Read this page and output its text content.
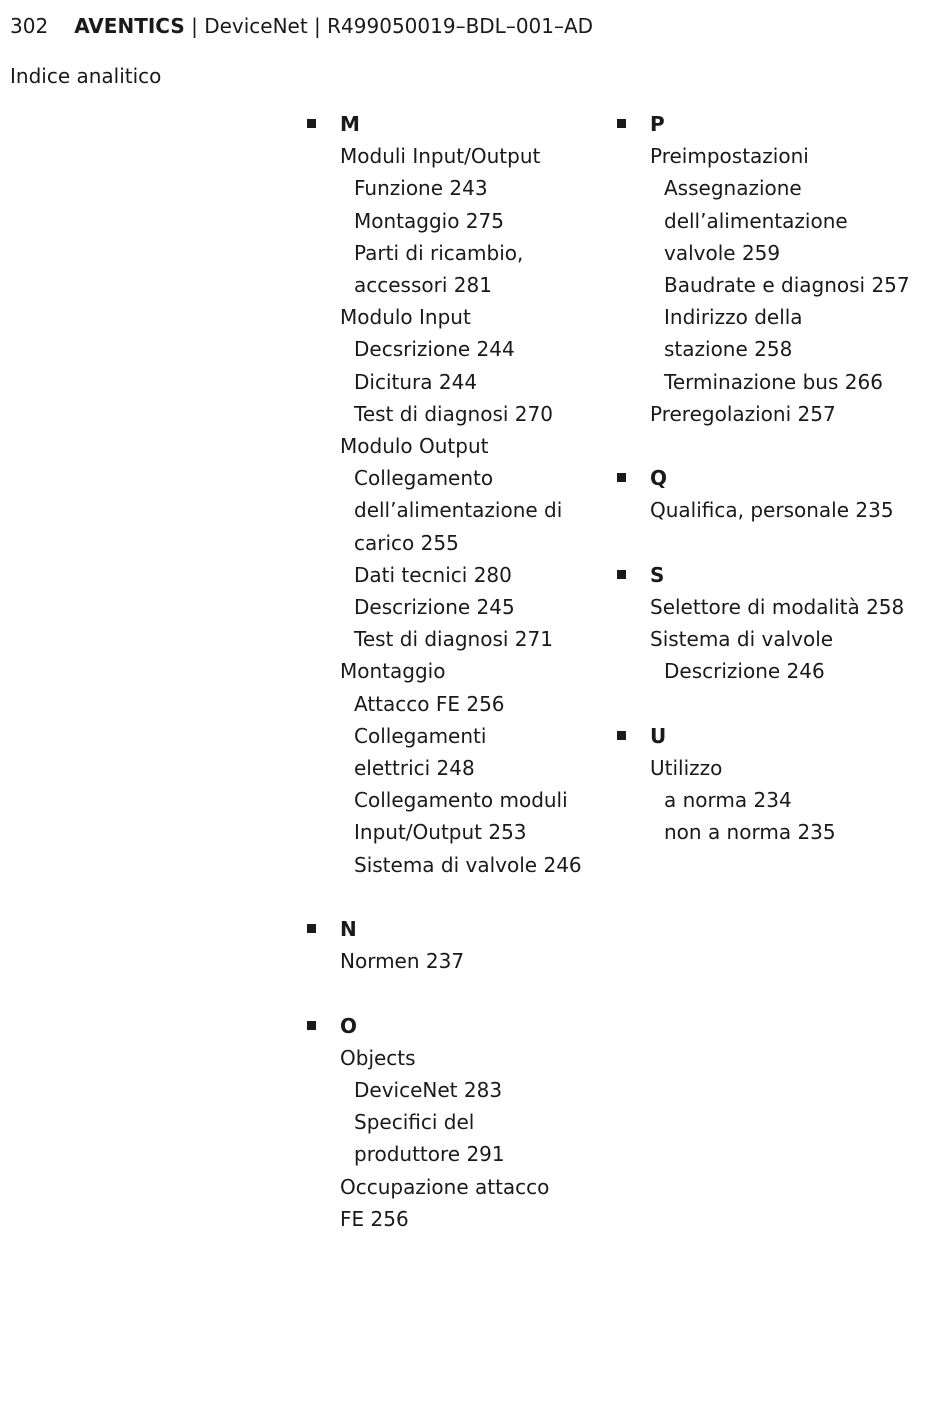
302 AVENTICS | DeviceNet | R499050019–BDL–001–AD
Indice analitico
M
Moduli Input/Output
Funzione 243
Montaggio 275
Parti di ricambio,
accessori 281
Modulo Input
Decsrizione 244
Dicitura 244
Test di diagnosi 270
Modulo Output
Collegamento
dell’alimentazione di
carico 255
Dati tecnici 280
Descrizione 245
Test di diagnosi 271
Montaggio
Attacco FE 256
Collegamenti
elettrici 248
Collegamento moduli
Input/Output 253
Sistema di valvole 246
N
Normen 237
O
Objects
DeviceNet 283
Specifici del
produttore 291
Occupazione attacco
FE 256
P
Preimpostazioni
Assegnazione
dell’alimentazione
valvole 259
Baudrate e diagnosi 257
Indirizzo della
stazione 258
Terminazione bus 266
Preregolazioni 257
Q
Qualifica, personale 235
S
Selettore di modalità 258
Sistema di valvole
Descrizione 246
U
Utilizzo
a norma 234
non a norma 235
